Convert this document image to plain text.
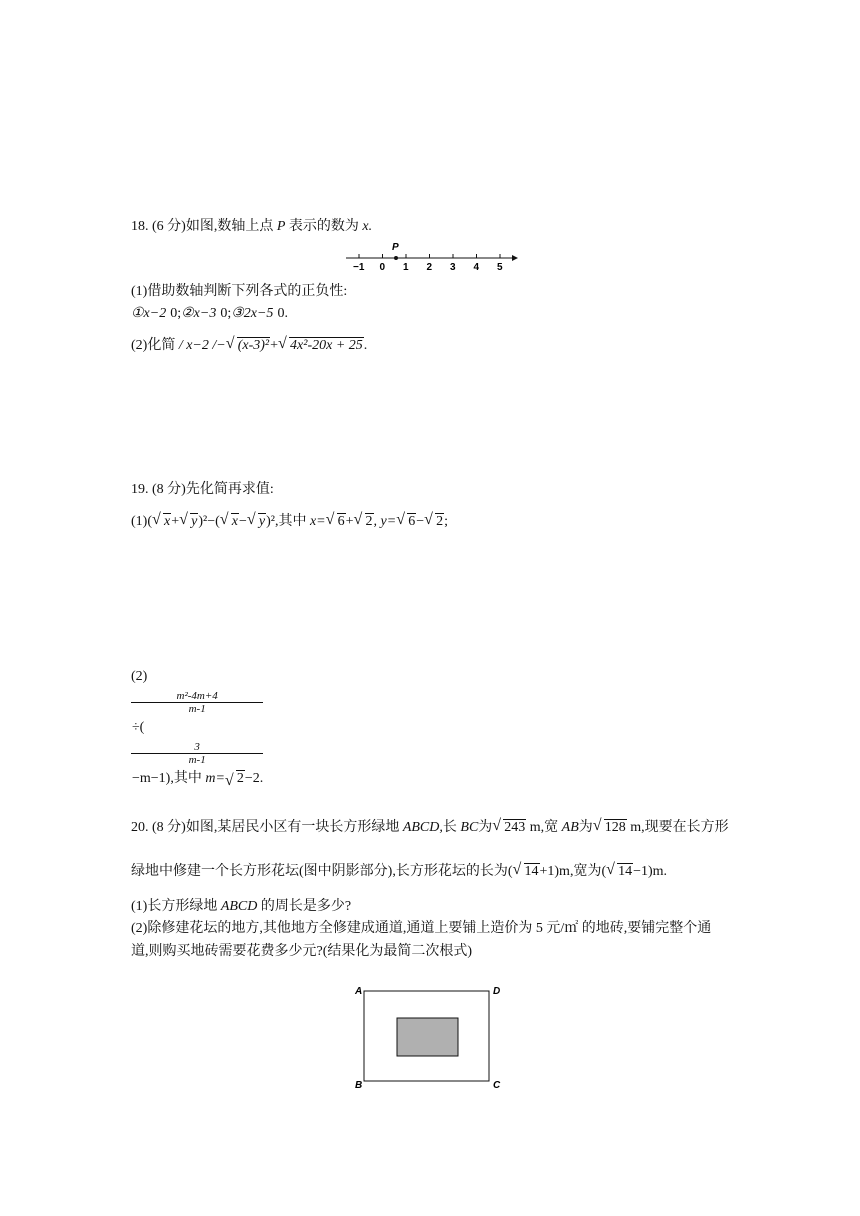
18. (6 分)如图,数轴上点 P 表示的数为 x.
−1 0 1 2 3 4 5
P
(1)借助数轴判断下列各式的正负性:
①x−2 0;②x−3 0;③2x−5 0.
(2)化简 / x−2 /− √ (x-3)²+ √ 4x²-20x + 25.
19. (8 分)先化简再求值:
(1)( √ x+ √ y)²−( √ x− √ y)²,其中 x= √ 6+ √ 2, y= √ 6− √ 2;
(2)
m²-4m+4
m-1
÷(
3
m-1
−m−1),其中 m= √ 2−2.
20. (8 分)如图,某居民小区有一块长方形绿地 ABCD,长 BC为 √ 243 m,宽 AB为 √ 128 m,现要在长方形
绿地中修建一个长方形花坛(图中阴影部分),长方形花坛的长为( √ 14+1)m,宽为( √ 14−1)m.
(1)长方形绿地 ABCD 的周长是多少?
(2)除修建花坛的地方,其他地方全修建成通道,通道上要铺上造价为 5 元/㎡ 的地砖,要铺完整个通
道,则购买地砖需要花费多少元?(结果化为最简二次根式)
A	D
B	C
